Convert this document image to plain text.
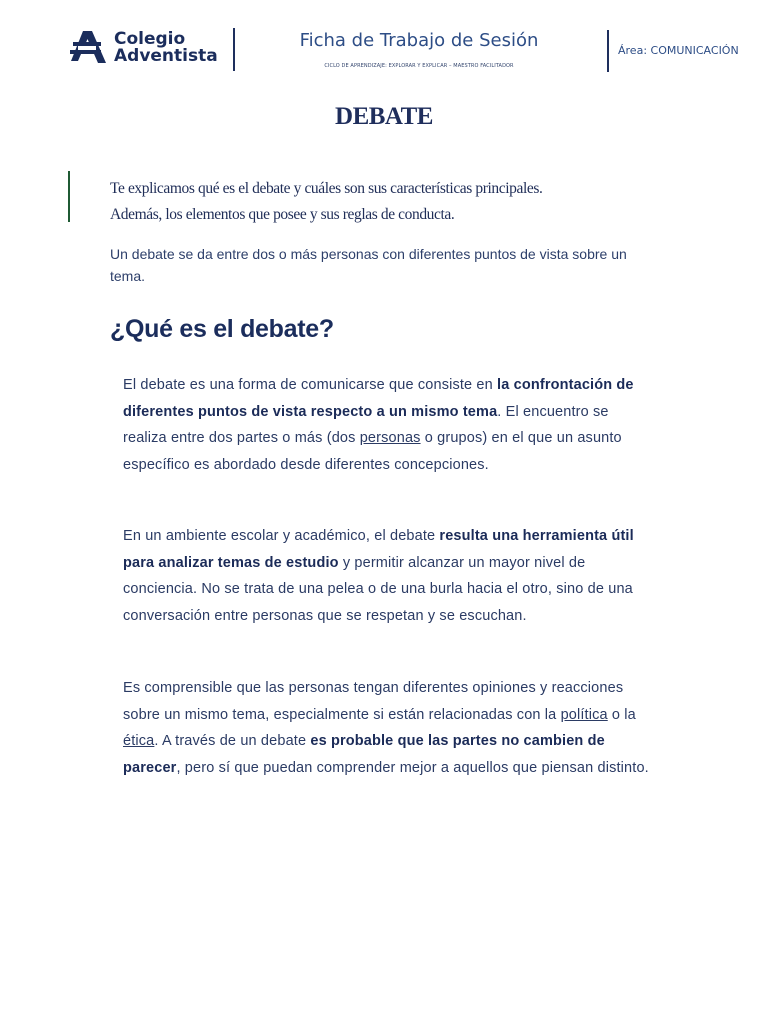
Colegio
Adventista
Ficha de Trabajo de Sesión
CICLO DE APRENDIZAJE: EXPLORAR Y EXPLICAR – MAESTRO FACILITADOR
Área: COMUNICACIÓN
DEBATE
Te explicamos qué es el debate y cuáles son sus características principales.
Además, los elementos que posee y sus reglas de conducta.
Un debate se da entre dos o más personas con diferentes puntos de vista sobre un tema.
¿Qué es el debate?

El debate es una forma de comunicarse que consiste en la confrontación de diferentes puntos de vista respecto a un mismo tema. El encuentro se realiza entre dos partes o más (dos personas o grupos) en el que un asunto específico es abordado desde diferentes concepciones.

En un ambiente escolar y académico, el debate resulta una herramienta útil para analizar temas de estudio y permitir alcanzar un mayor nivel de conciencia. No se trata de una pelea o de una burla hacia el otro, sino de una conversación entre personas que se respetan y se escuchan.

Es comprensible que las personas tengan diferentes opiniones y reacciones sobre un mismo tema, especialmente si están relacionadas con la política o la ética. A través de un debate es probable que las partes no cambien de parecer, pero sí que puedan comprender mejor a aquellos que piensan distinto.
